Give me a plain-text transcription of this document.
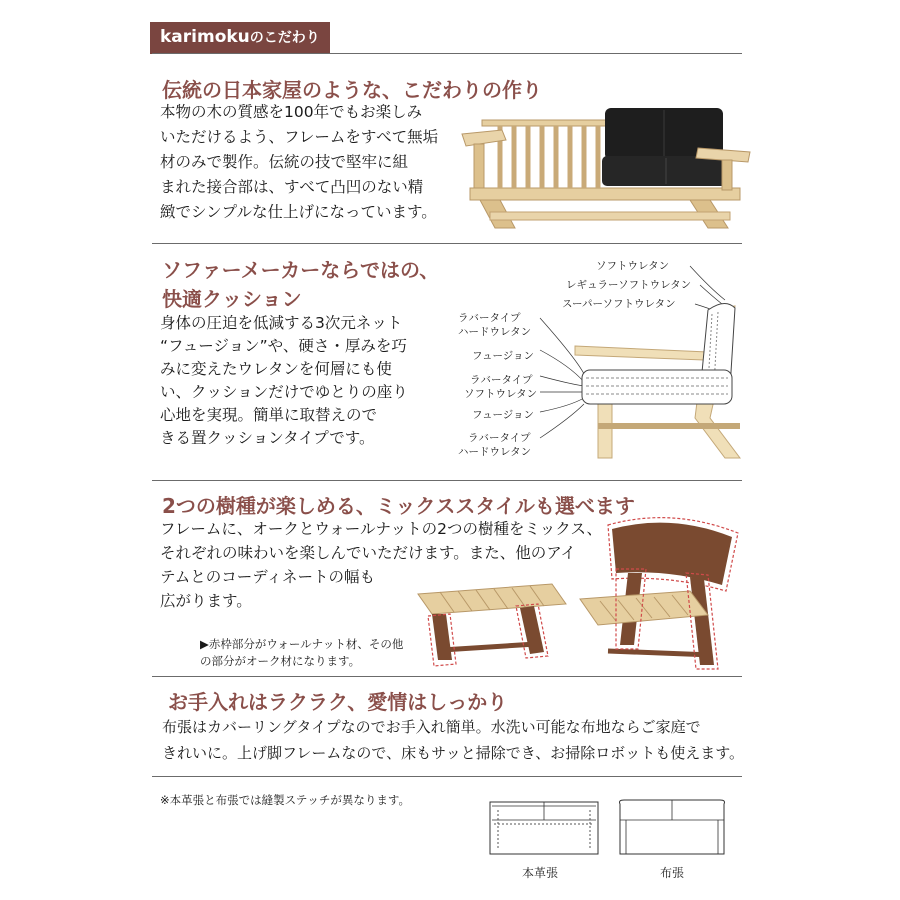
karimokuのこだわり
伝統の日本家屋のような、こだわりの作り
本物の木の質感を100年でもお楽しみ
いただけるよう、フレームをすべて無垢
材のみで製作。伝統の技で堅牢に組
まれた接合部は、すべて凸凹のない精
緻でシンプルな仕上げになっています。
ソファーメーカーならではの、
快適クッション
身体の圧迫を低減する3次元ネット
“フュージョン”や、硬さ・厚みを巧
みに変えたウレタンを何層にも使
い、クッションだけでゆとりの座り
心地を実現。簡単に取替えので
きる置クッションタイプです。
ソフトウレタン
レギュラーソフトウレタン
スーパーソフトウレタン
ラバータイプ
ハードウレタン
フュージョン
ラバータイプ
ソフトウレタン
フュージョン
ラバータイプ
ハードウレタン
2つの樹種が楽しめる、ミックススタイルも選べます
フレームに、オークとウォールナットの2つの樹種をミックス、
それぞれの味わいを楽しんでいただけます。また、他のアイ
テムとのコーディネートの幅も
広がります。
▶赤枠部分がウォールナット材、その他
の部分がオーク材になります。
お手入れはラクラク、愛情はしっかり
布張はカバーリングタイプなのでお手入れ簡単。水洗い可能な布地ならご家庭で
きれいに。上げ脚フレームなので、床もサッと掃除でき、お掃除ロボットも使えます。
※本革張と布張では縫製ステッチが異なります。
本革張	布張
